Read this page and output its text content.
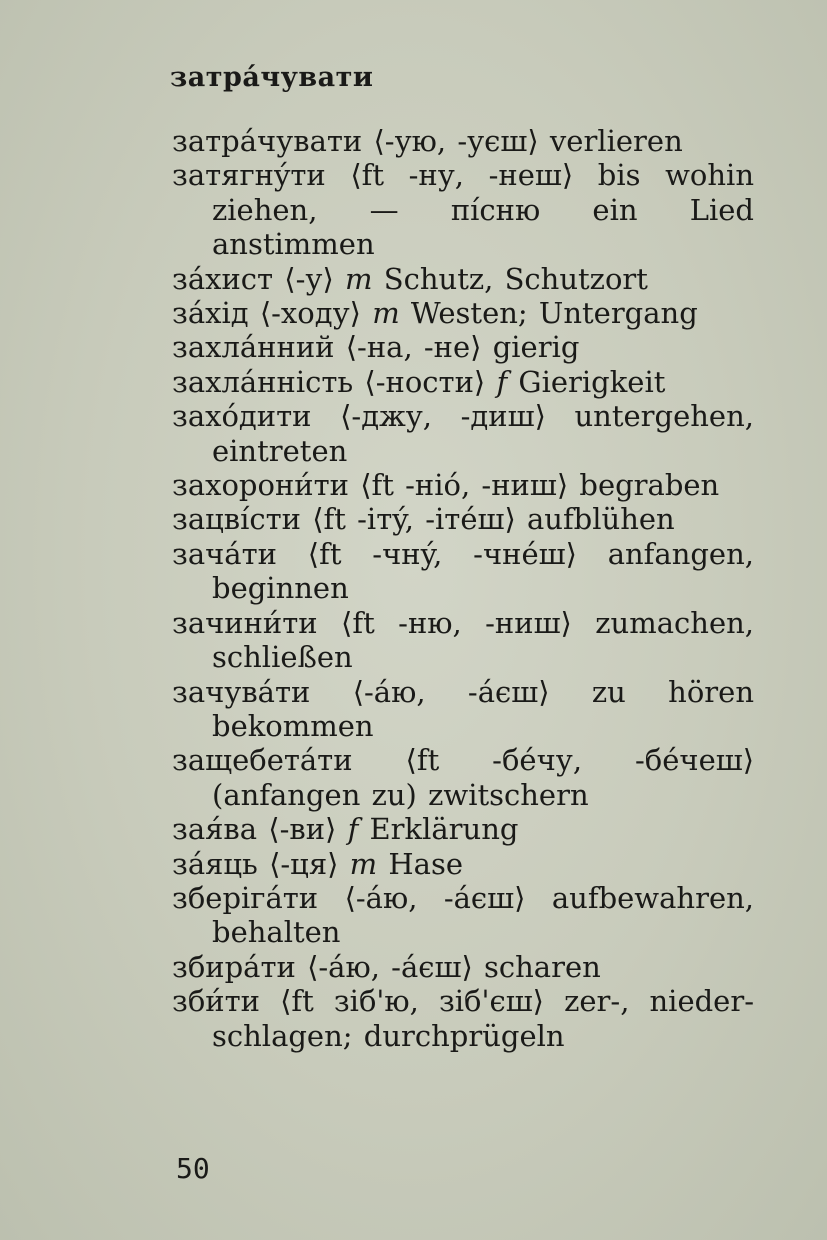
затрáчувати

затрáчувати ⟨-ую, -уєш⟩ verlieren

затягнýти ⟨ft -ну, -неш⟩ bis wohin ziehen, — пíсню ein Lied anstimmen

зáхист ⟨-у⟩ m Schutz, Schutzort

зáхід ⟨-ходу⟩ m Westen; Untergang

захлáнний ⟨-на, -не⟩ gierig

захлáнність ⟨-ности⟩ f Gierigkeit

захóдити ⟨-джу, -диш⟩ untergehen, eintreten

захорони́ти ⟨ft -нió, -ниш⟩ begraben

зацвíсти ⟨ft -ітý, -ітéш⟩ aufblühen

зачáти ⟨ft -чнý, -чнéш⟩ anfangen, beginnen

зачини́ти ⟨ft -ню, -ниш⟩ zumachen, schließen

зачувáти ⟨-áю, -áєш⟩ zu hören bekommen

защебетáти ⟨ft -бéчу, -бéчеш⟩ (anfangen zu) zwitschern

зая́ва ⟨-ви⟩ f Erklärung

зáяць ⟨-ця⟩ m Hase

зберігáти ⟨-áю, -áєш⟩ aufbewahren, behalten

збирáти ⟨-áю, -áєш⟩ scharen

зби́ти ⟨ft зіб'ю, зіб'єш⟩ zer-, nieder-schlagen; durchprügeln

50
